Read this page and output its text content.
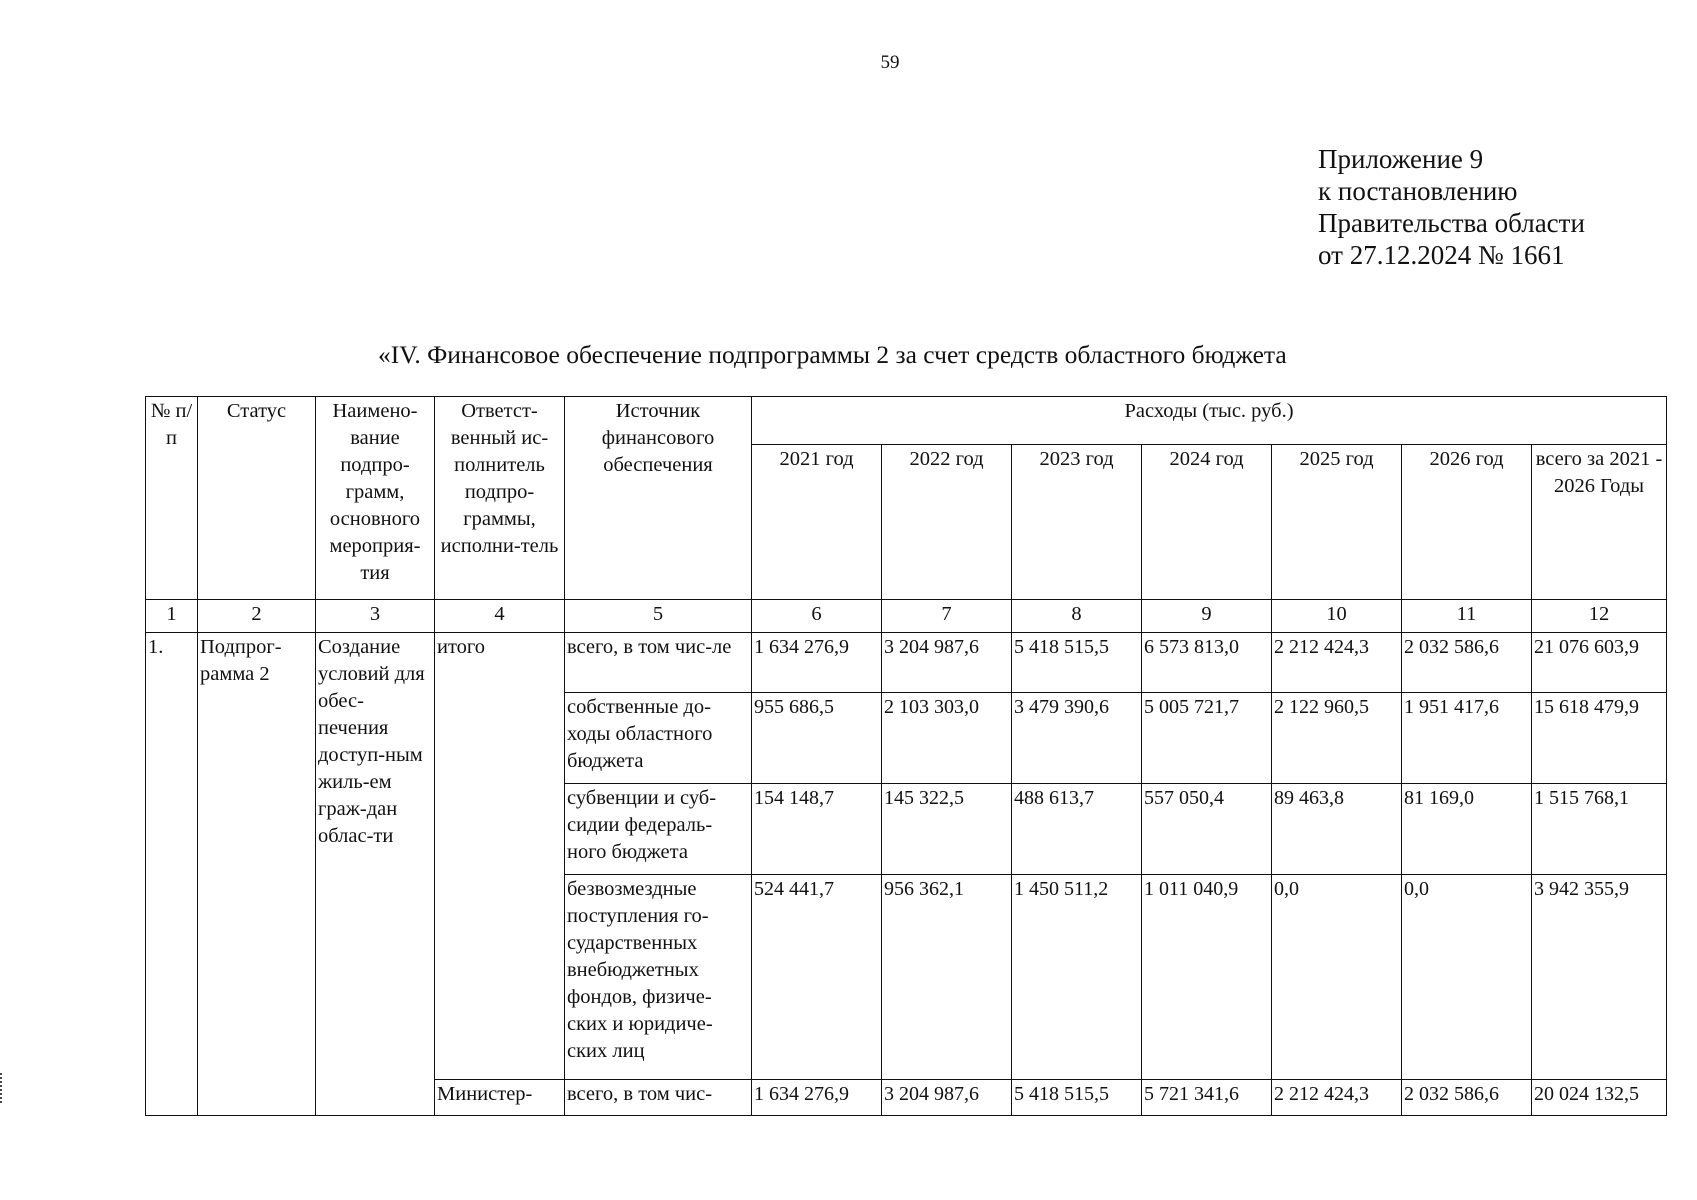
59
Приложение 9
к постановлению
Правительства области
от 27.12.2024 № 1661
«IV. Финансовое обеспечение подпрограммы 2 за счет средств областного бюджета
№ п/п	Статус	Наимено-вание подпро-грамм, основного мероприя-тия	Ответст-венный ис-полнитель подпро-граммы, исполни-тель	Источник финансового обеспечения	Расходы (тыс. руб.)						
					2021 год	2022 год	2023 год	2024 год	2025 год	2026 год	всего за 2021 - 2026 Годы
1	2	3	4	5	6	7	8	9	10	11	12
1.	Подпрог-рамма 2	Создание условий для обес-печения доступ-ным жиль-ем граж-дан облас-ти	итого	всего, в том чис-ле	1 634 276,9	3 204 987,6	5 418 515,5	6 573 813,0	2 212 424,3	2 032 586,6	21 076 603,9
				собственные до-ходы областного бюджета	955 686,5	2 103 303,0	3 479 390,6	5 005 721,7	2 122 960,5	1 951 417,6	15 618 479,9
				субвенции и суб-сидии федераль-ного бюджета	154 148,7	145 322,5	488 613,7	557 050,4	89 463,8	81 169,0	1 515 768,1
				безвозмездные поступления го-сударственных внебюджетных фондов, физиче-ских и юридиче-ских лиц	524 441,7	956 362,1	1 450 511,2	1 011 040,9	0,0	0,0	3 942 355,9
			Министер-	всего, в том чис-	1 634 276,9	3 204 987,6	5 418 515,5	5 721 341,6	2 212 424,3	2 032 586,6	20 024 132,5
